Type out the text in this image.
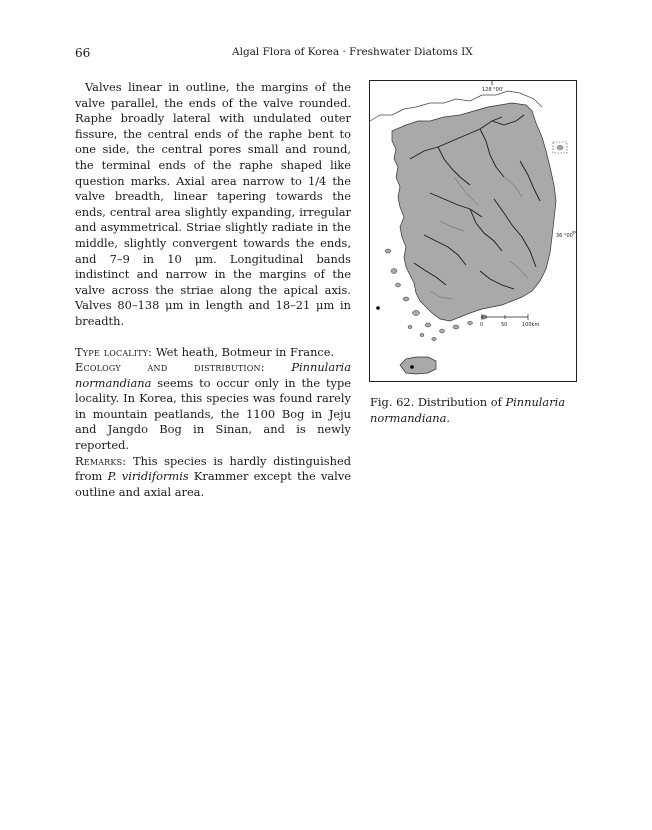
66	Algal Flora of Korea · Freshwater Diatoms IX

Valves linear in outline, the margins of the valve parallel, the ends of the valve rounded. Raphe broadly lateral with undulated outer fissure, the central ends of the raphe bent to one side, the central pores small and round, the terminal ends of the raphe shaped like question marks. Axial area narrow to 1/4 the valve breadth, linear tapering towards the ends, central area slightly expanding, irregular and asymmetrical. Striae slightly radiate in the middle, slightly convergent towards the ends, and 7–9 in 10 μm. Longitudinal bands indistinct and narrow in the margins of the valve across the striae along the apical axis. Valves 80–138 μm in length and 18–21 μm in breadth.

Type locality: Wet heath, Botmeur in France.

Ecology and distribution: Pinnularia normandiana seems to occur only in the type locality. In Korea, this species was found rarely in mountain peatlands, the 1100 Bog in Jeju and Jangdo Bog in Sinan, and is newly reported.

Remarks: This species is hardly distinguished from P. viridiformis Krammer except the valve outline and axial area.

128 °00'
36 °00'
0	50	100km
Fig. 62. Distribution of Pinnularia normandiana.
